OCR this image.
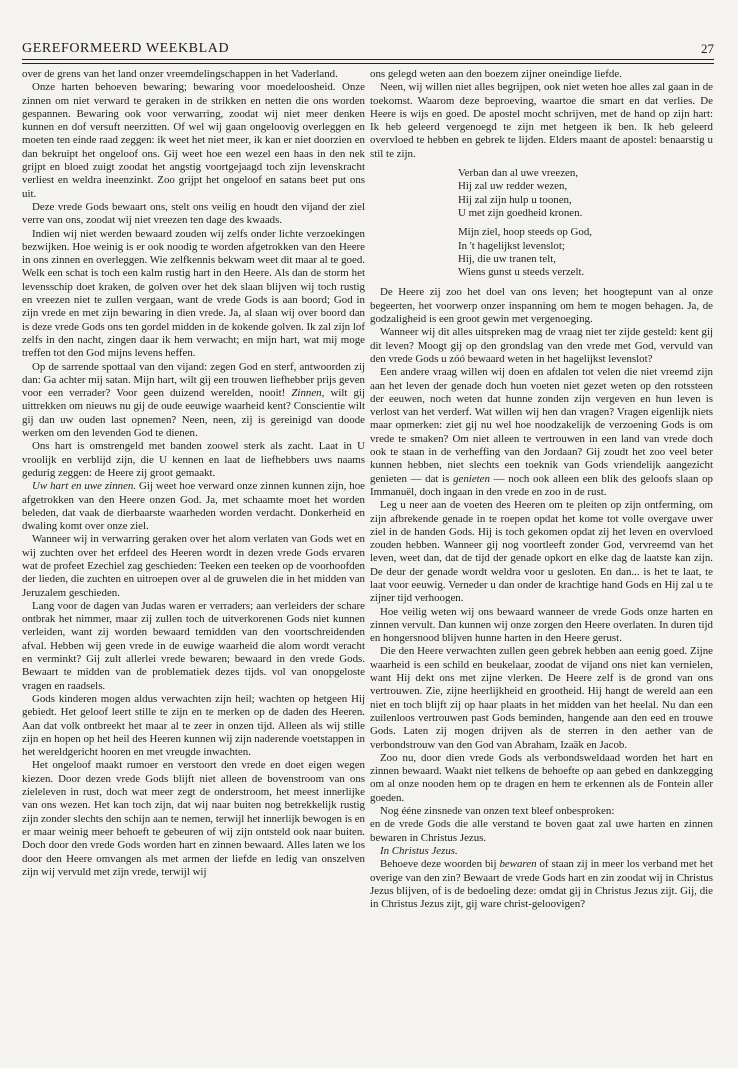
GEREFORMEERD WEEKBLAD	27

over de grens van het land onzer vreemdelingschappen in het Vaderland.

Onze harten behoeven bewaring; bewaring voor moedeloosheid. Onze zinnen om niet verward te geraken in de strikken en netten die ons worden gespannen. Bewaring ook voor verwarring, zoodat wij niet meer denken kunnen en dof versuft neerzitten. Of wel wij gaan ongeloovig overleggen en moeten ten einde raad zeggen: ik weet het niet meer, ik kan er niet doorzien en dan bekruipt het ongeloof ons. Gij weet hoe een wezel een haas in den nek grijpt en bloed zuigt zoodat het angstig voortgejaagd toch zijn levenskracht verliest en weldra ineenzinkt. Zoo grijpt het ongeloof en satans beet put ons uit.

Deze vrede Gods bewaart ons, stelt ons veilig en houdt den vijand der ziel verre van ons, zoodat wij niet vreezen ten dage des kwaads.

Indien wij niet werden bewaard zouden wij zelfs onder lichte verzoekingen bezwijken. Hoe weinig is er ook noodig te worden afgetrokken van den Heere in ons zinnen en overleggen. Wie zelfkennis bekwam weet dit maar al te goed. Welk een schat is toch een kalm rustig hart in den Heere. Als dan de storm het levensschip doet kraken, de golven over het dek slaan blijven wij toch rustig en vreezen niet te zullen vergaan, want de vrede Gods is aan boord; God in zijn vrede en met zijn bewaring in dien vrede. Ja, al slaan wij over boord dan is deze vrede Gods ons ten gordel midden in de kokende golven. Ik zal zijn lof zelfs in den nacht, zingen daar ik hem verwacht; en mijn hart, wat mij moge treffen tot den God mijns levens heffen.

Op de sarrende spottaal van den vijand: zegen God en sterf, antwoorden zij dan: Ga achter mij satan. Mijn hart, wilt gij een trouwen liefhebber prijs geven voor een verrader? Voor geen duizend werelden, nooit! Zinnen, wilt gij uittrekken om nieuws nu gij de oude eeuwige waarheid kent? Conscientie wilt gij dan uw ouden last opnemen? Neen, neen, zij is gereinigd van doode werken om den levenden God te dienen.

Ons hart is omstrengeld met banden zoowel sterk als zacht. Laat in U vroolijk en verblijd zijn, die U kennen en laat de liefhebbers uws naams gedurig zeggen: de Heere zij groot gemaakt.

Uw hart en uwe zinnen. Gij weet hoe verward onze zinnen kunnen zijn, hoe afgetrokken van den Heere onzen God. Ja, met schaamte moet het worden beleden, dat vaak de dierbaarste waarheden worden verdacht. Donkerheid en dwaling komt over onze ziel.

Wanneer wij in verwarring geraken over het alom verlaten van Gods wet en wij zuchten over het erfdeel des Heeren wordt in dezen vrede Gods ervaren wat de profeet Ezechiel zag geschieden: Teeken een teeken op de voorhoofden der lieden, die zuchten en uitroepen over al de gruwelen die in het midden van Jeruzalem geschieden.

Lang voor de dagen van Judas waren er verraders; aan verleiders der schare ontbrak het nimmer, maar zij zullen toch de uitverkorenen Gods niet kunnen verleiden, want zij worden bewaard temidden van den voortschreidenden afval. Hebben wij geen vrede in de euwige waarheid die alom wordt veracht en verminkt? Gij zult allerlei vrede bewaren; bewaard in den vrede Gods. Bewaart te midden van de problematiek dezes tijds. vol van onopgeloste vragen en raadsels.

Gods kinderen mogen aldus verwachten zijn heil; wachten op hetgeen Hij gebiedt. Het geloof leert stille te zijn en te merken op de daden des Heeren. Aan dat volk ontbreekt het maar al te zeer in onzen tijd. Alleen als wij stille zijn en hopen op het heil des Heeren kunnen wij zijn naderende voetstappen in het wereldgericht hooren en met vreugde inwachten.

Het ongeloof maakt rumoer en verstoort den vrede en doet eigen wegen kiezen. Door dezen vrede Gods blijft niet alleen de bovenstroom van ons zieleleven in rust, doch wat meer zegt de onderstroom, het meest innerlijke van ons wezen. Het kan toch zijn, dat wij naar buiten nog betrekkelijk rustig zijn zonder slechts den schijn aan te nemen, terwijl het innerlijk bewogen is en er maar weinig meer behoeft te gebeuren of wij zijn ontsteld ook naar buiten. Doch door den vrede Gods worden hart en zinnen bewaard. Alles laten we los door den Heere omvangen als met armen der liefde en ledig van onszelven zijn wij vervuld met zijn vrede, terwijl wij

ons gelegd weten aan den boezem zijner oneindige liefde.

Neen, wij willen niet alles begrijpen, ook niet weten hoe alles zal gaan in de toekomst. Waarom deze beproeving, waartoe die smart en dat verlies. De Heere is wijs en goed. De apostel mocht schrijven, met de hand op zijn hart: Ik heb geleerd vergenoegd te zijn met hetgeen ik ben. Ik heb geleerd overvloed te hebben en gebrek te lijden. Elders maant de apostel: benaarstig u stil te zijn.

Verban dan al uwe vreezen,
Hij zal uw redder wezen,
Hij zal zijn hulp u toonen,
U met zijn goedheid kronen.
Mijn ziel, hoop steeds op God,
In 't hagelijkst levenslot;
Hij, die uw tranen telt,
Wiens gunst u steeds verzelt.

De Heere zij zoo het doel van ons leven; het hoogtepunt van al onze begeerten, het voorwerp onzer inspanning om hem te mogen behagen. Ja, de godzaligheid is een groot gewin met vergenoeging.

Wanneer wij dit alles uitspreken mag de vraag niet ter zijde gesteld: kent gij dit leven? Moogt gij op den grondslag van den vrede met God, vervuld van den vrede Gods u zóó bewaard weten in het hagelijkst levenslot?

Een andere vraag willen wij doen en afdalen tot velen die niet vreemd zijn aan het leven der genade doch hun voeten niet gezet weten op den rotssteen der eeuwen, noch weten dat hunne zonden zijn vergeven en hun leven is verlost van het verderf. Wat willen wij hen dan vragen? Vragen eigenlijk niets maar opmerken: ziet gij nu wel hoe noodzakelijk de verzoening Gods is om vrede te smaken? Om niet alleen te vertrouwen in een land van vrede doch ook te staan in de verheffing van den Jordaan? Gij zoudt het zoo veel beter kunnen hebben, niet slechts een toeknik van Gods vriendelijk aangezicht genieten — dat is genieten — noch ook alleen een blik des geloofs slaan op Immanuël, doch ingaan in den vrede en zoo in de rust.

Leg u neer aan de voeten des Heeren om te pleiten op zijn ontferming, om zijn afbrekende genade in te roepen opdat het kome tot volle overgave uwer ziel in de handen Gods. Hij is toch gekomen opdat zij het leven en overvloed zouden hebben. Wanneer gij nog voortleeft zonder God, vervreemd van het leven, weet dan, dat de tijd der genade opkort en elke dag de laatste kan zijn. De deur der genade wordt weldra voor u gesloten. En dan... is het te laat, te laat voor eeuwig. Verneder u dan onder de krachtige hand Gods en Hij zal u te zijner tijd verhoogen.

Hoe veilig weten wij ons bewaard wanneer de vrede Gods onze harten en zinnen vervult. Dan kunnen wij onze zorgen den Heere overlaten. In duren tijd en hongersnood blijven hunne harten in den Heere gerust.

Die den Heere verwachten zullen geen gebrek hebben aan eenig goed. Zijne waarheid is een schild en beukelaar, zoodat de vijand ons niet kan vernielen, want Hij dekt ons met zijne vlerken. De Heere zelf is de grond van ons vertrouwen. Zie, zijne heerlijkheid en grootheid. Hij hangt de wereld aan een niet en toch blijft zij op haar plaats in het midden van het heelal. Nu dan een zuilenloos vertrouwen past Gods beminden, hangende aan den eed en trouwe Gods. Laten zij mogen drijven als de sterren in den aether van de verbondstrouw van den God van Abraham, Izaäk en Jacob.

Zoo nu, door dien vrede Gods als verbondsweldaad worden het hart en zinnen bewaard. Waakt niet telkens de behoefte op aan gebed en dankzegging om al onze nooden hem op te dragen en hem te erkennen als de Fontein aller goeden.

Nog ééne zinsnede van onzen text bleef onbesproken:

en de vrede Gods die alle verstand te boven gaat zal uwe harten en zinnen bewaren in Christus Jezus.

In Christus Jezus.

Behoeve deze woorden bij bewaren of staan zij in meer los verband met het overige van den zin? Bewaart de vrede Gods hart en zin zoodat wij in Christus Jezus blijven, of is de bedoeling deze: omdat gij in Christus Jezus zijt. Gij, die in Christus Jezus zijt, gij ware christ-geloovigen?
